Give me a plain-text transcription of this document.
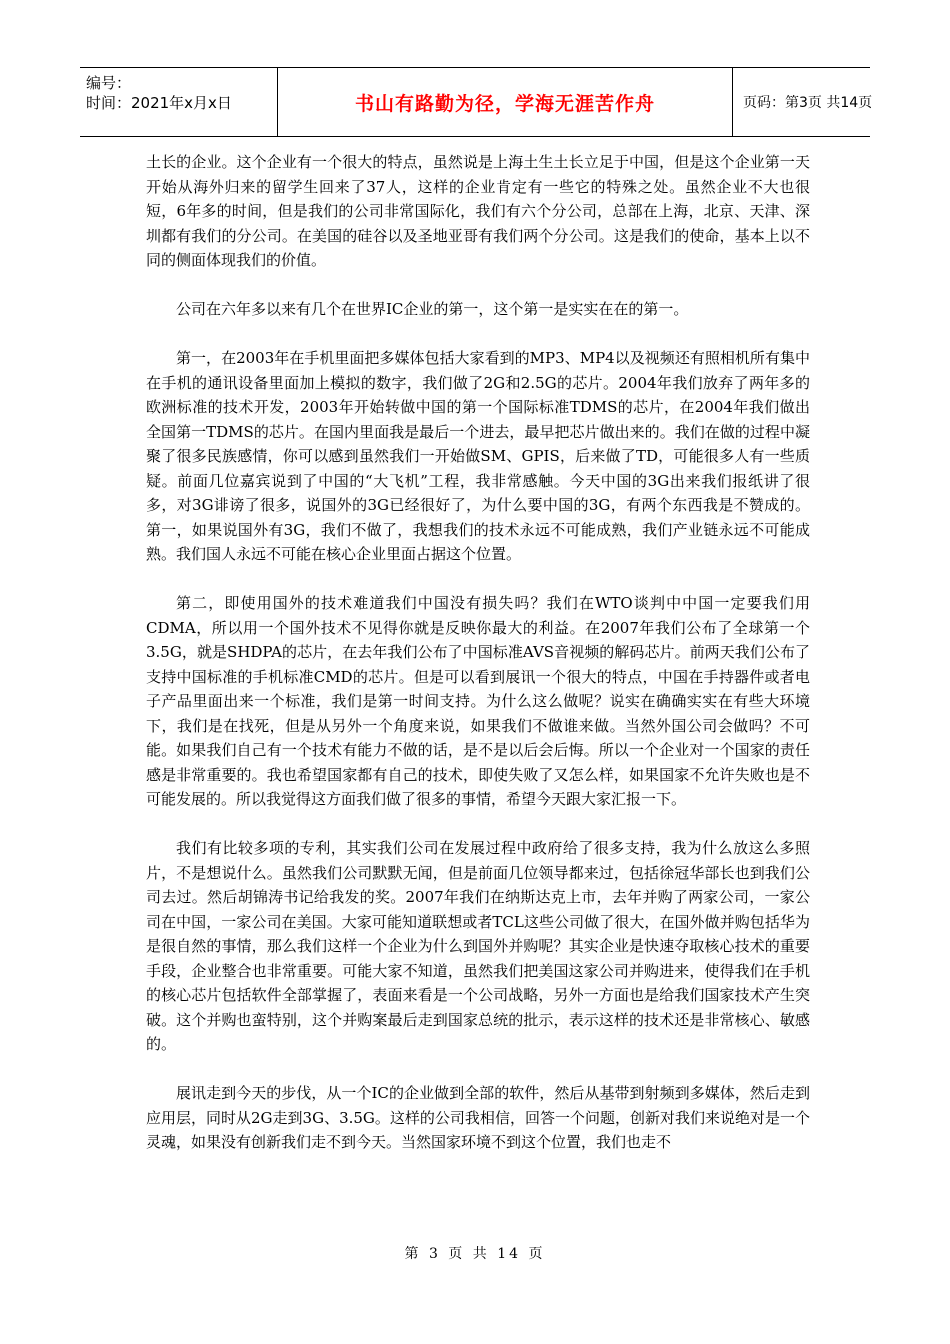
编号：
时间：2021年x月x日	书山有路勤为径，学海无涯苦作舟	页码：第3页 共14页

土长的企业。这个企业有一个很大的特点，虽然说是上海土生土长立足于中国，但是这个企业第一天开始从海外归来的留学生回来了37人，这样的企业肯定有一些它的特殊之处。虽然企业不大也很短，6年多的时间，但是我们的公司非常国际化，我们有六个分公司，总部在上海，北京、天津、深圳都有我们的分公司。在美国的硅谷以及圣地亚哥有我们两个分公司。这是我们的使命，基本上以不同的侧面体现我们的价值。

公司在六年多以来有几个在世界IC企业的第一，这个第一是实实在在的第一。

第一，在2003年在手机里面把多媒体包括大家看到的MP3、MP4以及视频还有照相机所有集中在手机的通讯设备里面加上模拟的数字，我们做了2G和2.5G的芯片。2004年我们放弃了两年多的欧洲标准的技术开发，2003年开始转做中国的第一个国际标准TDMS的芯片，在2004年我们做出全国第一TDMS的芯片。在国内里面我是最后一个进去，最早把芯片做出来的。我们在做的过程中凝聚了很多民族感情，你可以感到虽然我们一开始做SM、GPIS，后来做了TD，可能很多人有一些质疑。前面几位嘉宾说到了中国的“大飞机”工程，我非常感触。今天中国的3G出来我们报纸讲了很多，对3G诽谤了很多，说国外的3G已经很好了，为什么要中国的3G，有两个东西我是不赞成的。第一，如果说国外有3G，我们不做了，我想我们的技术永远不可能成熟，我们产业链永远不可能成熟。我们国人永远不可能在核心企业里面占据这个位置。

第二，即使用国外的技术难道我们中国没有损失吗？我们在WTO谈判中中国一定要我们用CDMA，所以用一个国外技术不见得你就是反映你最大的利益。在2007年我们公布了全球第一个3.5G，就是SHDPA的芯片，在去年我们公布了中国标准AVS音视频的解码芯片。前两天我们公布了支持中国标准的手机标准CMD的芯片。但是可以看到展讯一个很大的特点，中国在手持器件或者电子产品里面出来一个标准，我们是第一时间支持。为什么这么做呢？说实在确确实实在有些大环境下，我们是在找死，但是从另外一个角度来说，如果我们不做谁来做。当然外国公司会做吗？不可能。如果我们自己有一个技术有能力不做的话，是不是以后会后悔。所以一个企业对一个国家的责任感是非常重要的。我也希望国家都有自己的技术，即使失败了又怎么样，如果国家不允许失败也是不可能发展的。所以我觉得这方面我们做了很多的事情，希望今天跟大家汇报一下。

我们有比较多项的专利，其实我们公司在发展过程中政府给了很多支持，我为什么放这么多照片，不是想说什么。虽然我们公司默默无闻，但是前面几位领导都来过，包括徐冠华部长也到我们公司去过。然后胡锦涛书记给我发的奖。2007年我们在纳斯达克上市，去年并购了两家公司，一家公司在中国，一家公司在美国。大家可能知道联想或者TCL这些公司做了很大，在国外做并购包括华为是很自然的事情，那么我们这样一个企业为什么到国外并购呢？其实企业是快速夺取核心技术的重要手段，企业整合也非常重要。可能大家不知道，虽然我们把美国这家公司并购进来，使得我们在手机的核心芯片包括软件全部掌握了，表面来看是一个公司战略，另外一方面也是给我们国家技术产生突破。这个并购也蛮特别，这个并购案最后走到国家总统的批示，表示这样的技术还是非常核心、敏感的。

展讯走到今天的步伐，从一个IC的企业做到全部的软件，然后从基带到射频到多媒体，然后走到应用层，同时从2G走到3G、3.5G。这样的公司我相信，回答一个问题，创新对我们来说绝对是一个灵魂，如果没有创新我们走不到今天。当然国家环境不到这个位置，我们也走不

第 3 页 共 14 页
